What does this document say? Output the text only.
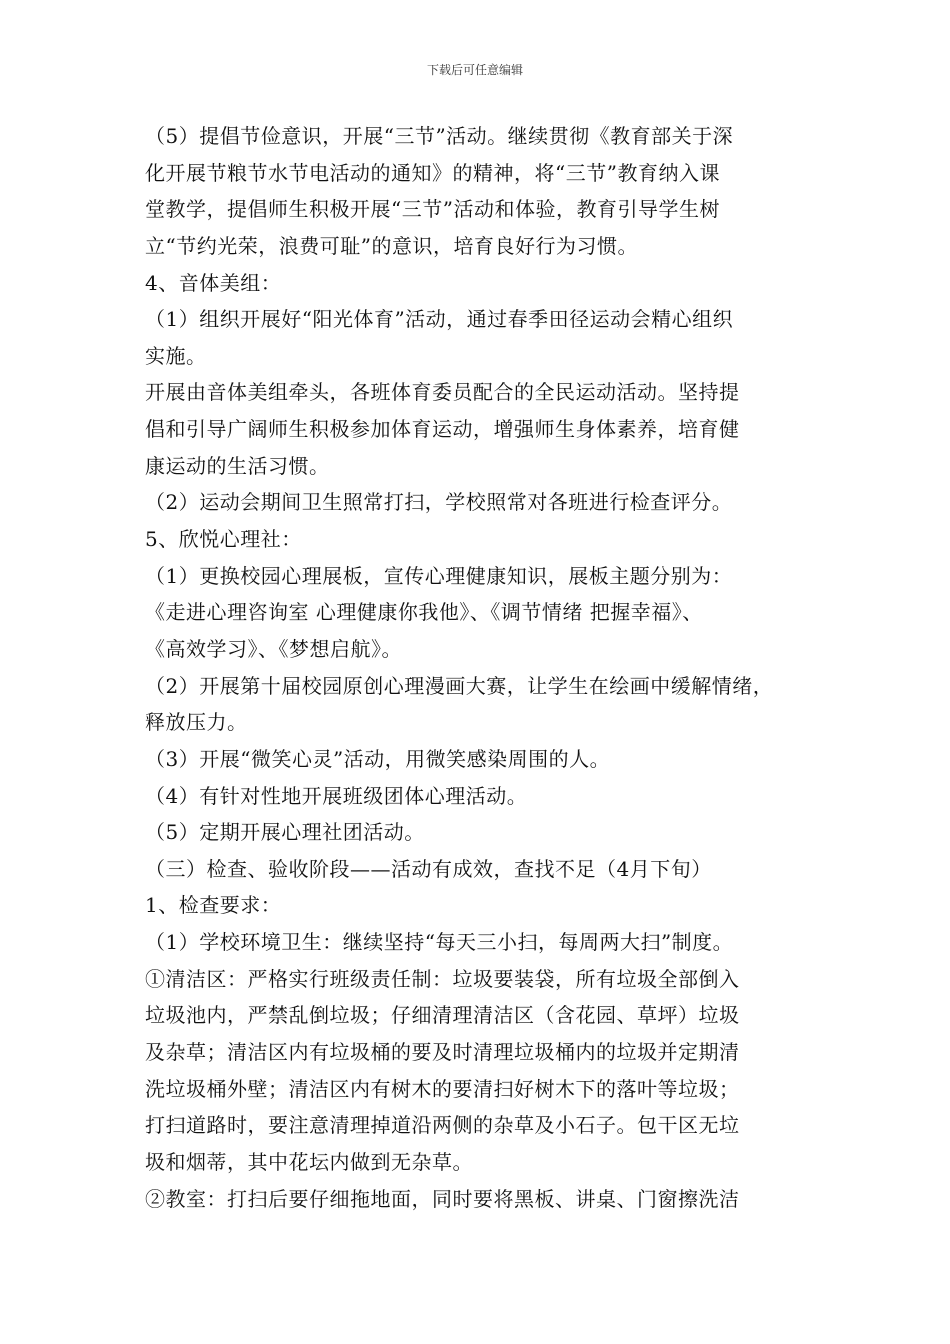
下载后可任意编辑
（5）提倡节俭意识，开展“三节”活动。继续贯彻《教育部关于深
化开展节粮节水节电活动的通知》的精神，将“三节”教育纳入课
堂教学，提倡师生积极开展“三节”活动和体验，教育引导学生树
立“节约光荣，浪费可耻”的意识，培育良好行为习惯。
4、音体美组：
（1）组织开展好“阳光体育”活动，通过春季田径运动会精心组织
实施。
开展由音体美组牵头，各班体育委员配合的全民运动活动。坚持提
倡和引导广阔师生积极参加体育运动，增强师生身体素养，培育健
康运动的生活习惯。
（2）运动会期间卫生照常打扫，学校照常对各班进行检查评分。
5、欣悦心理社：
（1）更换校园心理展板，宣传心理健康知识，展板主题分别为：
《走进心理咨询室 心理健康你我他》、《调节情绪 把握幸福》、
《高效学习》、《梦想启航》。
（2）开展第十届校园原创心理漫画大赛，让学生在绘画中缓解情绪，
释放压力。
（3）开展“微笑心灵”活动，用微笑感染周围的人。
（4）有针对性地开展班级团体心理活动。
（5）定期开展心理社团活动。
（三）检查、验收阶段——活动有成效，查找不足（4月下旬）
1、检查要求：
（1）学校环境卫生：继续坚持“每天三小扫，每周两大扫”制度。
①清洁区：严格实行班级责任制：垃圾要装袋，所有垃圾全部倒入
垃圾池内，严禁乱倒垃圾；仔细清理清洁区（含花园、草坪）垃圾
及杂草；清洁区内有垃圾桶的要及时清理垃圾桶内的垃圾并定期清
洗垃圾桶外壁；清洁区内有树木的要清扫好树木下的落叶等垃圾；
打扫道路时，要注意清理掉道沿两侧的杂草及小石子。包干区无垃
圾和烟蒂，其中花坛内做到无杂草。
②教室：打扫后要仔细拖地面，同时要将黑板、讲桌、门窗擦洗洁
